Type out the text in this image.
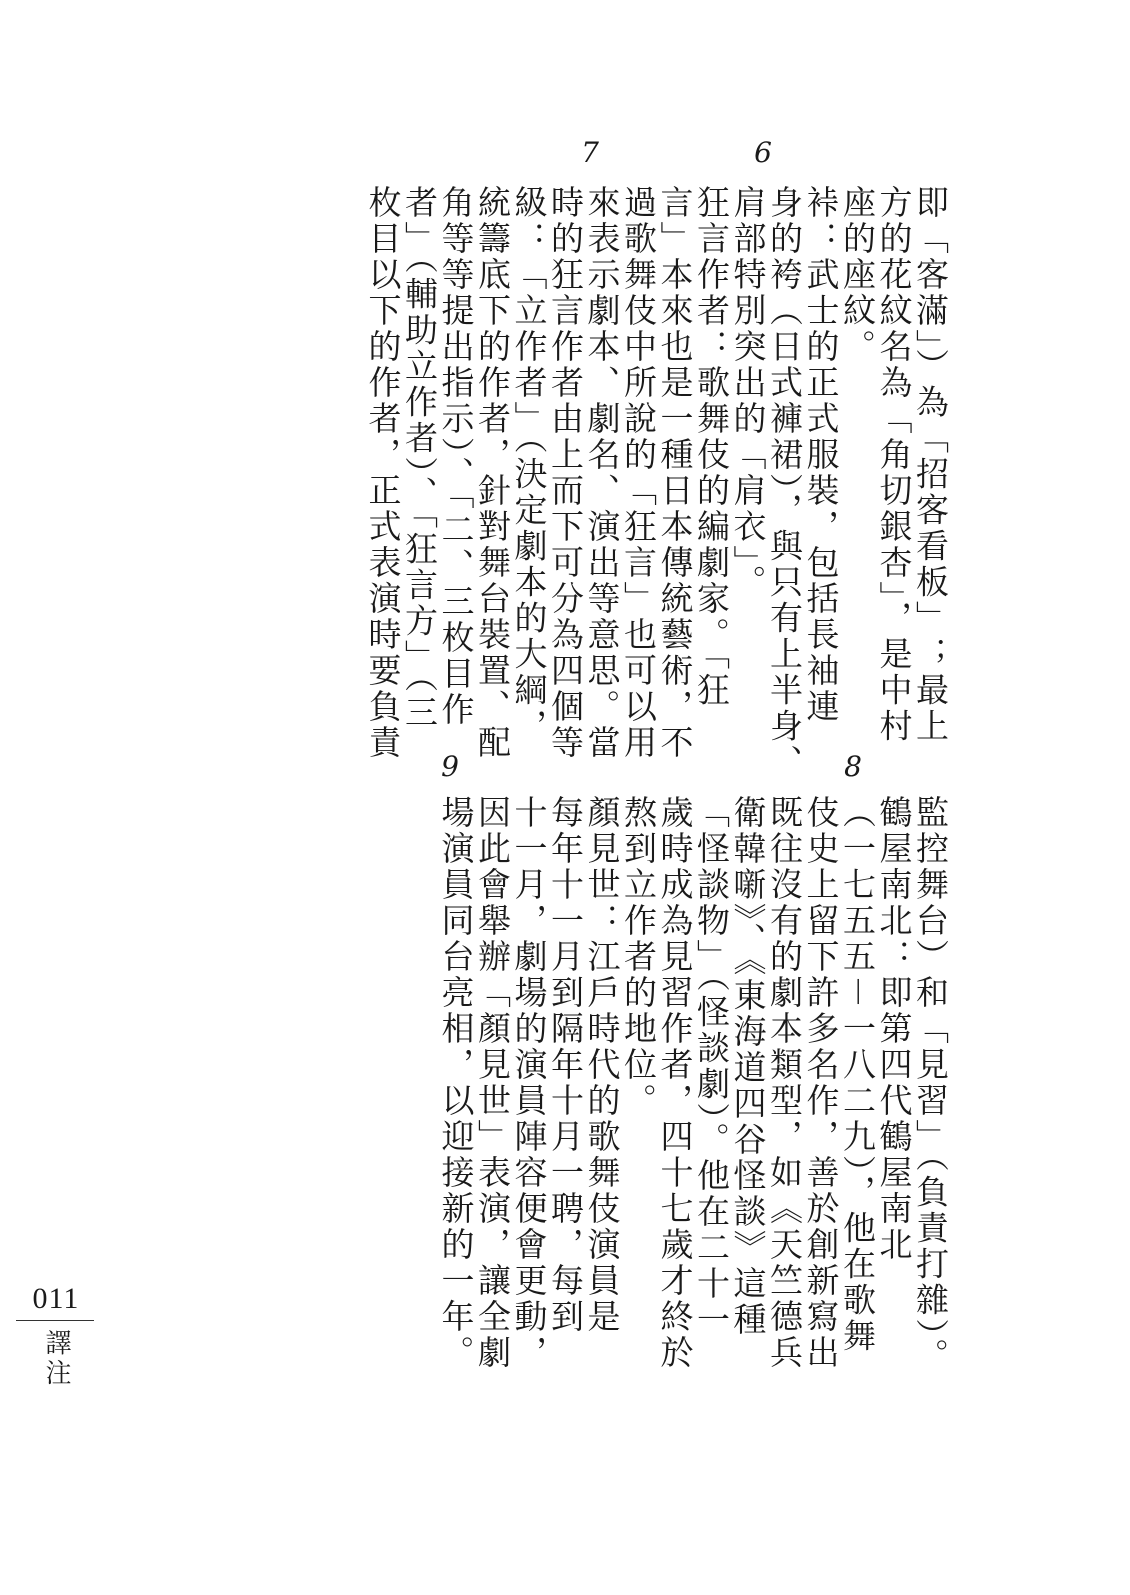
即「客滿」）為「招客看板」；最上
方的花紋名為「角切銀杏」，是中村
座的座紋。
裃：武士的正式服裝，包括長袖連
身的袴（日式褲裙），與只有上半身、
肩部特別突出的「肩衣」。
狂言作者：歌舞伎的編劇家。「狂
言」本來也是一種日本傳統藝術，不
過歌舞伎中所說的「狂言」也可以用
來表示劇本、劇名、演出等意思。當
時的狂言作者由上而下可分為四個等
級：「立作者」（決定劇本的大綱，
統籌底下的作者，針對舞台裝置、配
角等等提出指示）、「二、三枚目作
者」（輔助立作者）、「狂言方」（三
枚目以下的作者，正式表演時要負責
6
7
監控舞台）和「見習」（負責打雜）。
鶴屋南北：即第四代鶴屋南北
（一七五五－一八二九），他在歌舞
伎史上留下許多名作，善於創新寫出
既往沒有的劇本類型，如《天竺德兵
衛韓噺》、《東海道四谷怪談》這種
「怪談物」（怪談劇）。他在二十一
歲時成為見習作者，四十七歲才終於
熬到立作者的地位。
顏見世：江戶時代的歌舞伎演員是
每年十一月到隔年十月一聘，每到
十一月，劇場的演員陣容便會更動，
因此會舉辦「顏見世」表演，讓全劇
場演員同台亮相，以迎接新的一年。
8
9
011
譯注
